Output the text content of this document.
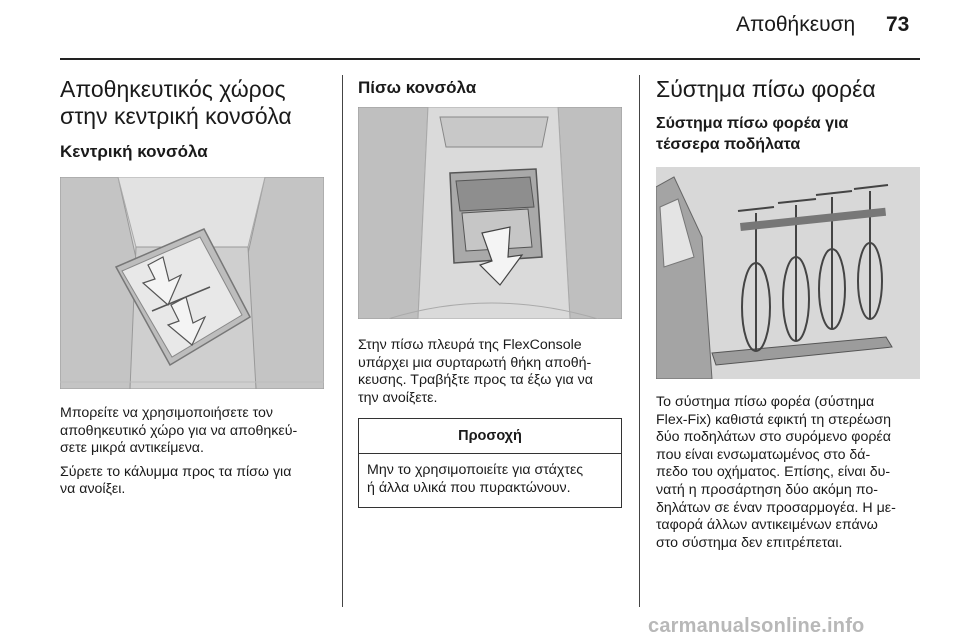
Αποθήκευση 73
Αποθηκευτικός χώρος
στην κεντρική κονσόλα
Κεντρική κονσόλα

Μπορείτε να χρησιμοποιήσετε τον
αποθηκευτικό χώρο για να αποθηκεύ-
σετε μικρά αντικείμενα.

Σύρετε το κάλυμμα προς τα πίσω για
να ανοίξει.

Πίσω κονσόλα

Στην πίσω πλευρά της FlexConsole
υπάρχει μια συρταρωτή θήκη αποθή-
κευσης. Τραβήξτε προς τα έξω για να
την ανοίξετε.

Προσοχή

Μην το χρησιμοποιείτε για στάχτες
ή άλλα υλικά που πυρακτώνουν.

Σύστημα πίσω φορέα
Σύστημα πίσω φορέα για
τέσσερα ποδήλατα

Το σύστημα πίσω φορέα (σύστημα
Flex-Fix) καθιστά εφικτή τη στερέωση
δύο ποδηλάτων στο συρόμενο φορέα
που είναι ενσωματωμένος στο δά-
πεδο του οχήματος. Επίσης, είναι δυ-
νατή η προσάρτηση δύο ακόμη πο-
δηλάτων σε έναν προσαρμογέα. Η με-
ταφορά άλλων αντικειμένων επάνω
στο σύστημα δεν επιτρέπεται.

carmanualsonline.info
